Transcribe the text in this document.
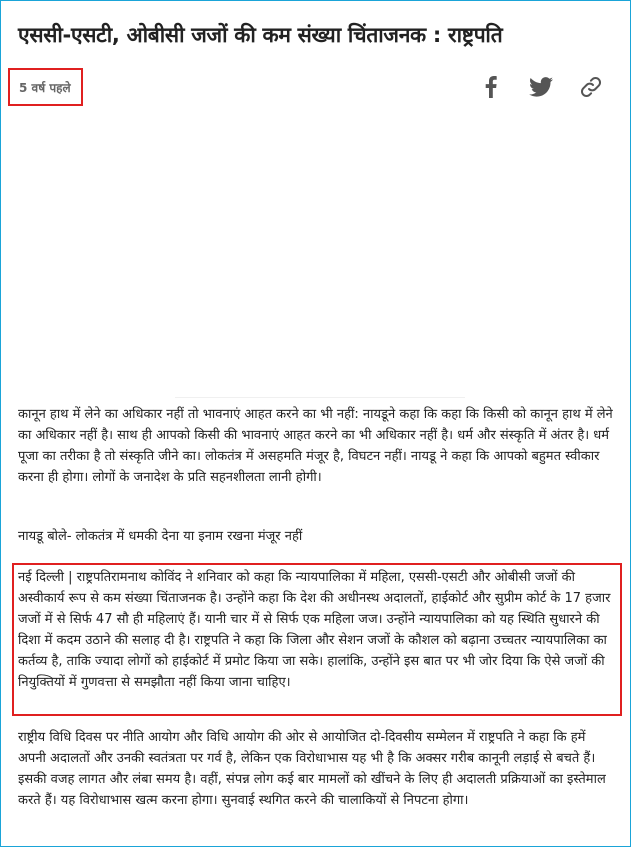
एससी-एसटी, ओबीसी जजों की कम संख्या चिंताजनक : राष्ट्रपति
5 वर्ष पहले

कानून हाथ में लेने का अधिकार नहीं तो भावनाएं आहत करने का भी नहीं: नायडूने कहा कि कहा कि किसी को कानून हाथ में लेने का अधिकार नहीं है। साथ ही आपको किसी की भावनाएं आहत करने का भी अधिकार नहीं है। धर्म और संस्कृति में अंतर है। धर्म पूजा का तरीका है तो संस्कृति जीने का। लोकतंत्र में असहमति मंजूर है, विघटन नहीं। नायडू ने कहा कि आपको बहुमत स्वीकार करना ही होगा। लोगों के जनादेश के प्रति सहनशीलता लानी होगी।

नायडू बोले- लोकतंत्र में धमकी देना या इनाम रखना मंजूर नहीं

नई दिल्ली | राष्ट्रपतिरामनाथ कोविंद ने शनिवार को कहा कि न्यायपालिका में महिला, एससी-एसटी और ओबीसी जजों की अस्वीकार्य रूप से कम संख्या चिंताजनक है। उन्होंने कहा कि देश की अधीनस्थ अदालतों, हाईकोर्ट और सुप्रीम कोर्ट के 17 हजार जजों में से सिर्फ 47 सौ ही महिलाएं हैं। यानी चार में से सिर्फ एक महिला जज। उन्होंने न्यायपालिका को यह स्थिति सुधारने की दिशा में कदम उठाने की सलाह दी है। राष्ट्रपति ने कहा कि जिला और सेशन जजों के कौशल को बढ़ाना उच्चतर न्यायपालिका का कर्तव्य है, ताकि ज्यादा लोगों को हाईकोर्ट में प्रमोट किया जा सके। हालांकि, उन्होंने इस बात पर भी जोर दिया कि ऐसे जजों की नियुक्तियों में गुणवत्ता से समझौता नहीं किया जाना चाहिए।

राष्ट्रीय विधि दिवस पर नीति आयोग और विधि आयोग की ओर से आयोजित दो-दिवसीय सम्मेलन में राष्ट्रपति ने कहा कि हमें अपनी अदालतों और उनकी स्वतंत्रता पर गर्व है, लेकिन एक विरोधाभास यह भी है कि अक्सर गरीब कानूनी लड़ाई से बचते हैं। इसकी वजह लागत और लंबा समय है। वहीं, संपन्न लोग कई बार मामलों को खींचने के लिए ही अदालती प्रक्रियाओं का इस्तेमाल करते हैं। यह विरोधाभास खत्म करना होगा। सुनवाई स्थगित करने की चालाकियों से निपटना होगा।
